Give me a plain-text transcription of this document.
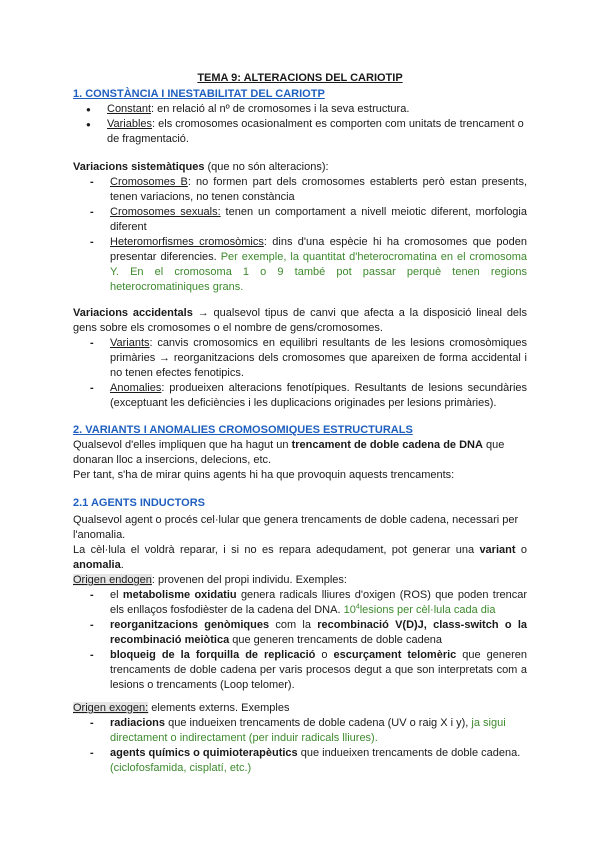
TEMA 9: ALTERACIONS DEL CARIOTIP
1. CONSTÀNCIA I INESTABILITAT DEL CARIOTP
● Constant: en relació al nº de cromosomes i la seva estructura.
● Variables: els cromosomes ocasionalment es comporten com unitats de trencament o de fragmentació.
Variacions sistemàtiques (que no són alteracions):
- Cromosomes B: no formen part dels cromosomes establerts però estan presents, tenen variacions, no tenen constància
- Cromosomes sexuals: tenen un comportament a nivell meiotic diferent, morfologia diferent
- Heteromorfismes cromosòmics: dins d'una espècie hi ha cromosomes que poden presentar diferencies. Per exemple, la quantitat d'heterocromatina en el cromosoma Y. En el cromosoma 1 o 9 també pot passar perquè tenen regions heterocromatiniques grans.
Variacions accidentals → qualsevol tipus de canvi que afecta a la disposició lineal dels gens sobre els cromosomes o el nombre de gens/cromosomes.
- Variants: canvis cromosomics en equilibri resultants de les lesions cromosòmiques primàries → reorganitzacions dels cromosomes que apareixen de forma accidental i no tenen efectes fenotipics.
- Anomalies: produeixen alteracions fenotípiques. Resultants de lesions secundàries (exceptuant les deficiències i les duplicacions originades per lesions primàries).
2. VARIANTS I ANOMALIES CROMOSOMIQUES ESTRUCTURALS
Qualsevol d'elles impliquen que ha hagut un trencament de doble cadena de DNA que donaran lloc a insercions, delecions, etc.
Per tant, s'ha de mirar quins agents hi ha que provoquin aquests trencaments:
2.1 AGENTS INDUCTORS
Qualsevol agent o procés cel·lular que genera trencaments de doble cadena, necessari per l'anomalia.
La cèl·lula el voldrà reparar, i si no es repara adequdament, pot generar una variant o anomalia.
Origen endogen: provenen del propi individu. Exemples:
- el metabolisme oxidatiu genera radicals lliures d'oxigen (ROS) que poden trencar els enllaços fosfodièster de la cadena del DNA. $10^4lesions$ per cèl·lula cada dia
- reorganitzacions genòmiques com la recombinació V(D)J, class-switch o la recombinació meiòtica que generen trencaments de doble cadena
- bloqueig de la forquilla de replicació o escurçament telomèric que generen trencaments de doble cadena per varis procesos degut a que son interpretats com a lesions o trencaments (Loop telomer).
Origen exogen: elements externs. Exemples
- radiacions que indueixen trencaments de doble cadena (UV o raig X i y), ja sigui directament o indirectament (per induir radicals lliures).
- agents químics o quimioterapèutics que indueixen trencaments de doble cadena. (ciclofosfamida, cisplatí, etc.)
